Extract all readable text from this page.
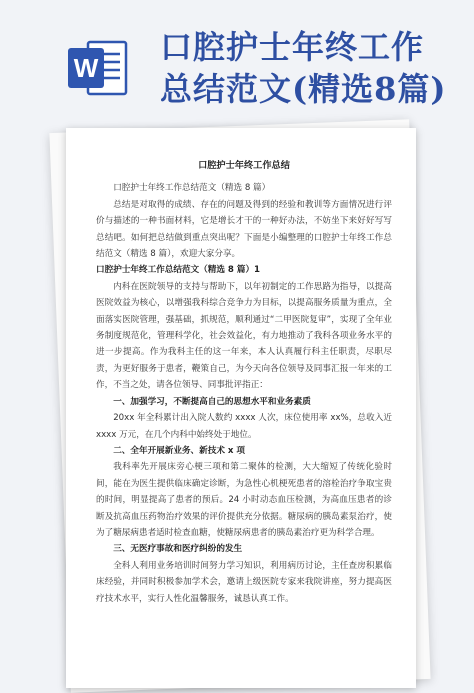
W
口腔护士年终工作
总结范文(精选8篇)

口腔护士年终工作总结

口腔护士年终工作总结范文（精选 8 篇）

总结是对取得的成绩、存在的问题及得到的经验和教训等方面情况进行评价与描述的一种书面材料，它是增长才干的一种好办法，不妨坐下来好好写写总结吧。如何把总结做到重点突出呢？下面是小编整理的口腔护士年终工作总结范文（精选 8 篇），欢迎大家分享。

口腔护士年终工作总结范文（精选 8 篇）1

内科在医院领导的支持与帮助下，以年初制定的工作思路为指导，以提高医院效益为核心，以增强我科综合竞争力为目标，以提高服务质量为重点，全面落实医院管理，强基础，抓规范，顺利通过“二甲医院复审”，实现了全年业务制度规范化，管理科学化，社会效益化，有力地推动了我科各项业务水平的进一步提高。作为我科主任的这一年来，本人认真履行科主任职责，尽职尽责，为更好服务于患者，鞭策自己，为今天向各位领导及同事汇报一年来的工作，不当之处，请各位领导、同事批评指正：

一、加强学习，不断提高自己的思想水平和业务素质

20xx 年全科累计出入院人数约 xxxx 人次，床位使用率 xx%，总收入近 xxxx 万元，在几个内科中始终处于地位。

二、全年开展新业务、新技术 x 项

我科率先开展床旁心梗三项和第二聚体的检测，大大缩短了传统化验时间，能在为医生提供临床确定诊断，为急性心机梗死患者的溶栓治疗争取宝贵的时间，明显提高了患者的预后。24 小时动态血压检测，为高血压患者的诊断及抗高血压药物治疗效果的评价提供充分依据。糖尿病的胰岛素泵治疗，使为了糖尿病患者适时检查血糖，使糖尿病患者的胰岛素治疗更为科学合理。

三、无医疗事故和医疗纠纷的发生

全科人利用业务培训时间努力学习知识，利用病历讨论，主任查房积累临床经验，并同时积极参加学术会，邀请上级医院专家来我院讲座，努力提高医疗技术水平，实行人性化温馨服务，诚恳认真工作。
